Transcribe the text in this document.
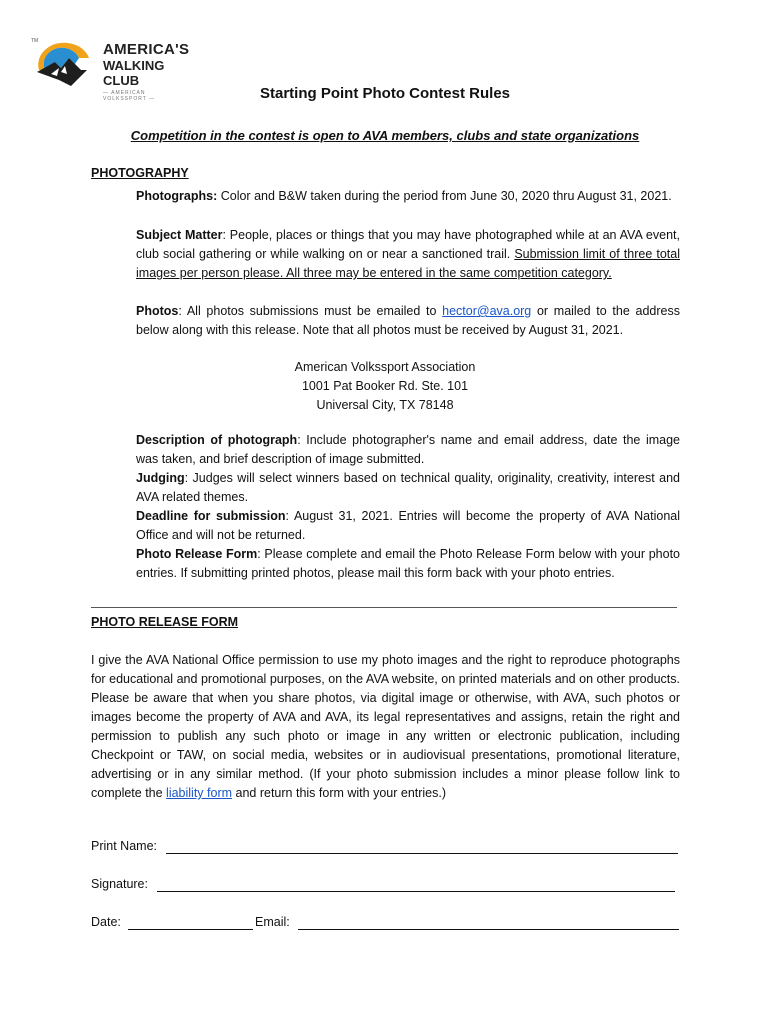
TM	AMERICA'S
WALKING CLUB
— AMERICAN VOLKSSPORT —	Starting Point Photo Contest Rules
Competition in the contest is open to AVA members, clubs and state organizations
PHOTOGRAPHY
Photographs: Color and B&W taken during the period from June 30, 2020 thru August 31, 2021.
Subject Matter: People, places or things that you may have photographed while at an AVA event, club social gathering or while walking on or near a sanctioned trail. Submission limit of three total images per person please. All three may be entered in the same competition category.
Photos: All photos submissions must be emailed to hector@ava.org or mailed to the address below along with this release. Note that all photos must be received by August 31, 2021.
American Volkssport Association
1001 Pat Booker Rd. Ste. 101
Universal City, TX 78148
Description of photograph: Include photographer's name and email address, date the image was taken, and brief description of image submitted.
Judging: Judges will select winners based on technical quality, originality, creativity, interest and AVA related themes.
Deadline for submission: August 31, 2021. Entries will become the property of AVA National Office and will not be returned.
Photo Release Form: Please complete and email the Photo Release Form below with your photo entries. If submitting printed photos, please mail this form back with your photo entries.
PHOTO RELEASE FORM
I give the AVA National Office permission to use my photo images and the right to reproduce photographs for educational and promotional purposes, on the AVA website, on printed materials and on other products. Please be aware that when you share photos, via digital image or otherwise, with AVA, such photos or images become the property of AVA and AVA, its legal representatives and assigns, retain the right and permission to publish any such photo or image in any written or electronic publication, including Checkpoint or TAW, on social media, websites or in audiovisual presentations, promotional literature, advertising or in any similar method. (If your photo submission includes a minor please follow link to complete the liability form and return this form with your entries.)
Print Name:
Signature:
Date:	Email:
